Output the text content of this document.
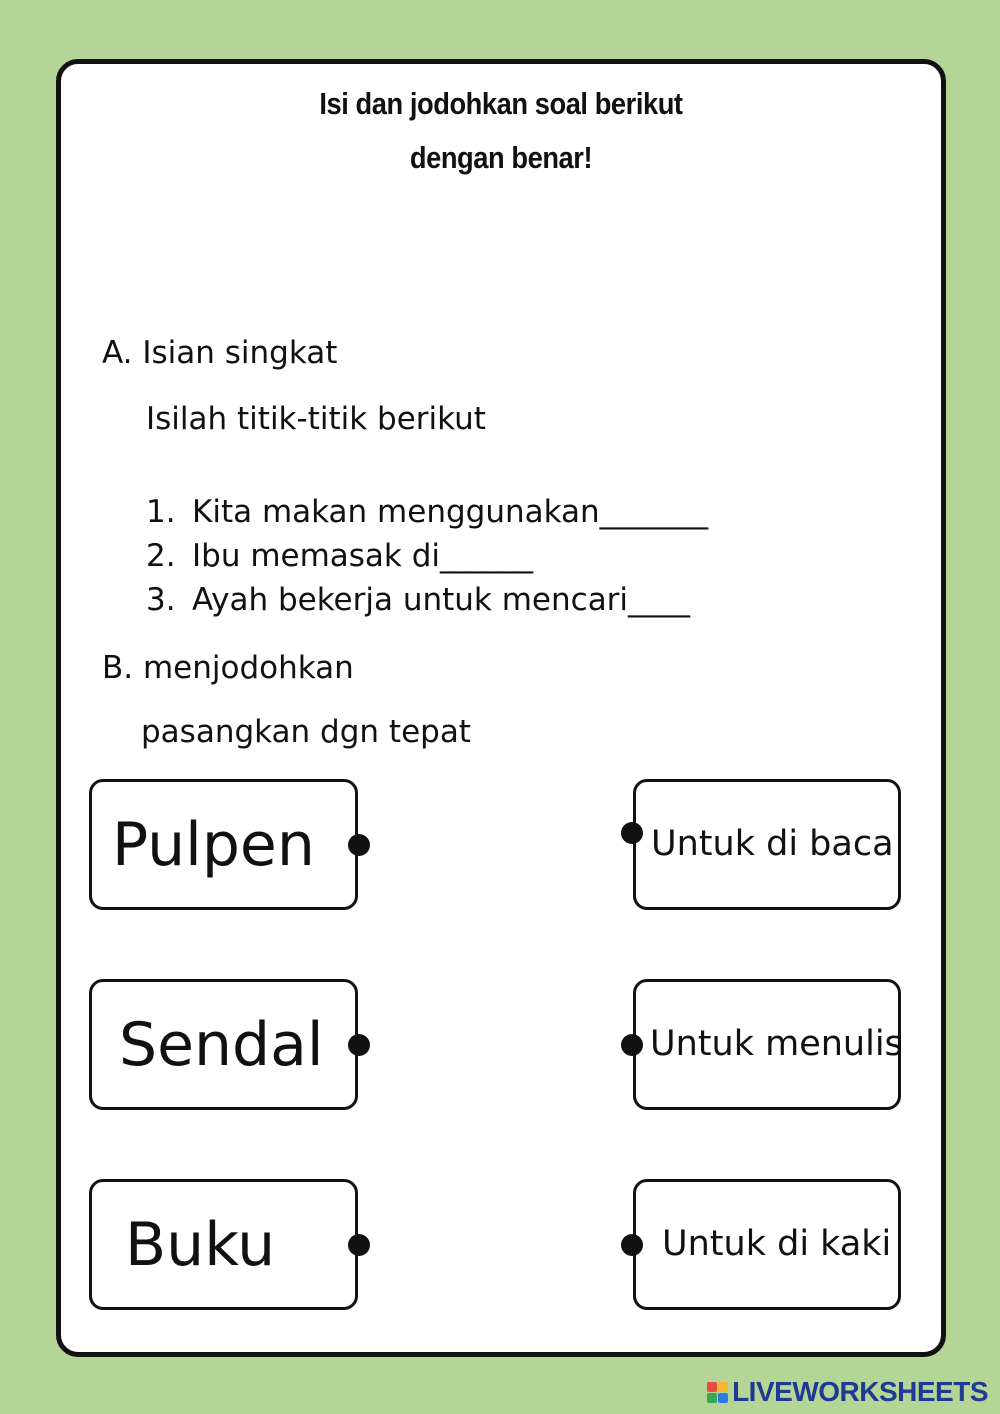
Isi dan jodohkan soal berikut
dengan benar!
A. Isian singkat
Isilah titik-titik berikut
1. Kita makan menggunakan_______
2. Ibu memasak di______
3. Ayah bekerja untuk mencari____
B. menjodohkan
pasangkan dgn tepat
Pulpen
Sendal
Buku
Untuk di baca
Untuk menulis
Untuk di kaki
LIVEWORKSHEETS
